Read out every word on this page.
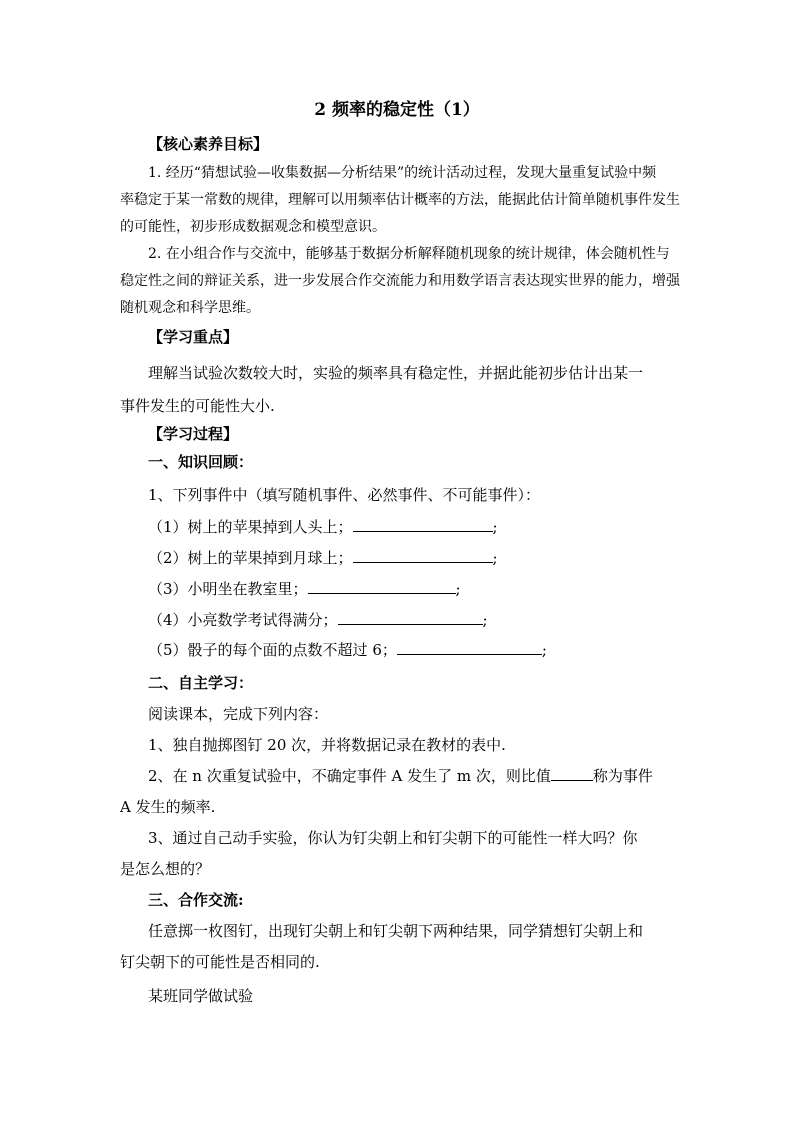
2 频率的稳定性（1）
【核心素养目标】
1. 经历“猜想试验—收集数据—分析结果”的统计活动过程，发现大量重复试验中频
率稳定于某一常数的规律，理解可以用频率估计概率的方法，能据此估计简单随机事件发生
的可能性，初步形成数据观念和模型意识。
2. 在小组合作与交流中，能够基于数据分析解释随机现象的统计规律，体会随机性与
稳定性之间的辩证关系，进一步发展合作交流能力和用数学语言表达现实世界的能力，增强
随机观念和科学思维。
【学习重点】
理解当试验次数较大时，实验的频率具有稳定性，并据此能初步估计出某一
事件发生的可能性大小.
【学习过程】
一、知识回顾：
1、下列事件中（填写随机事件、必然事件、不可能事件）：
（1）树上的苹果掉到人头上；	;
（2）树上的苹果掉到月球上；	;
（3）小明坐在教室里；	;
（4）小亮数学考试得满分；	;
（5）骰子的每个面的点数不超过 6；	;
二、自主学习：
阅读课本，完成下列内容：
1、独自抛掷图钉 20 次，并将数据记录在教材的表中.
2、在 n 次重复试验中，不确定事件 A 发生了 m 次，则比值	称为事件
A 发生的频率.
3、通过自己动手实验，你认为钉尖朝上和钉尖朝下的可能性一样大吗？你
是怎么想的？
三、合作交流:
任意掷一枚图钉，出现钉尖朝上和钉尖朝下两种结果，同学猜想钉尖朝上和
钉尖朝下的可能性是否相同的.
某班同学做试验
